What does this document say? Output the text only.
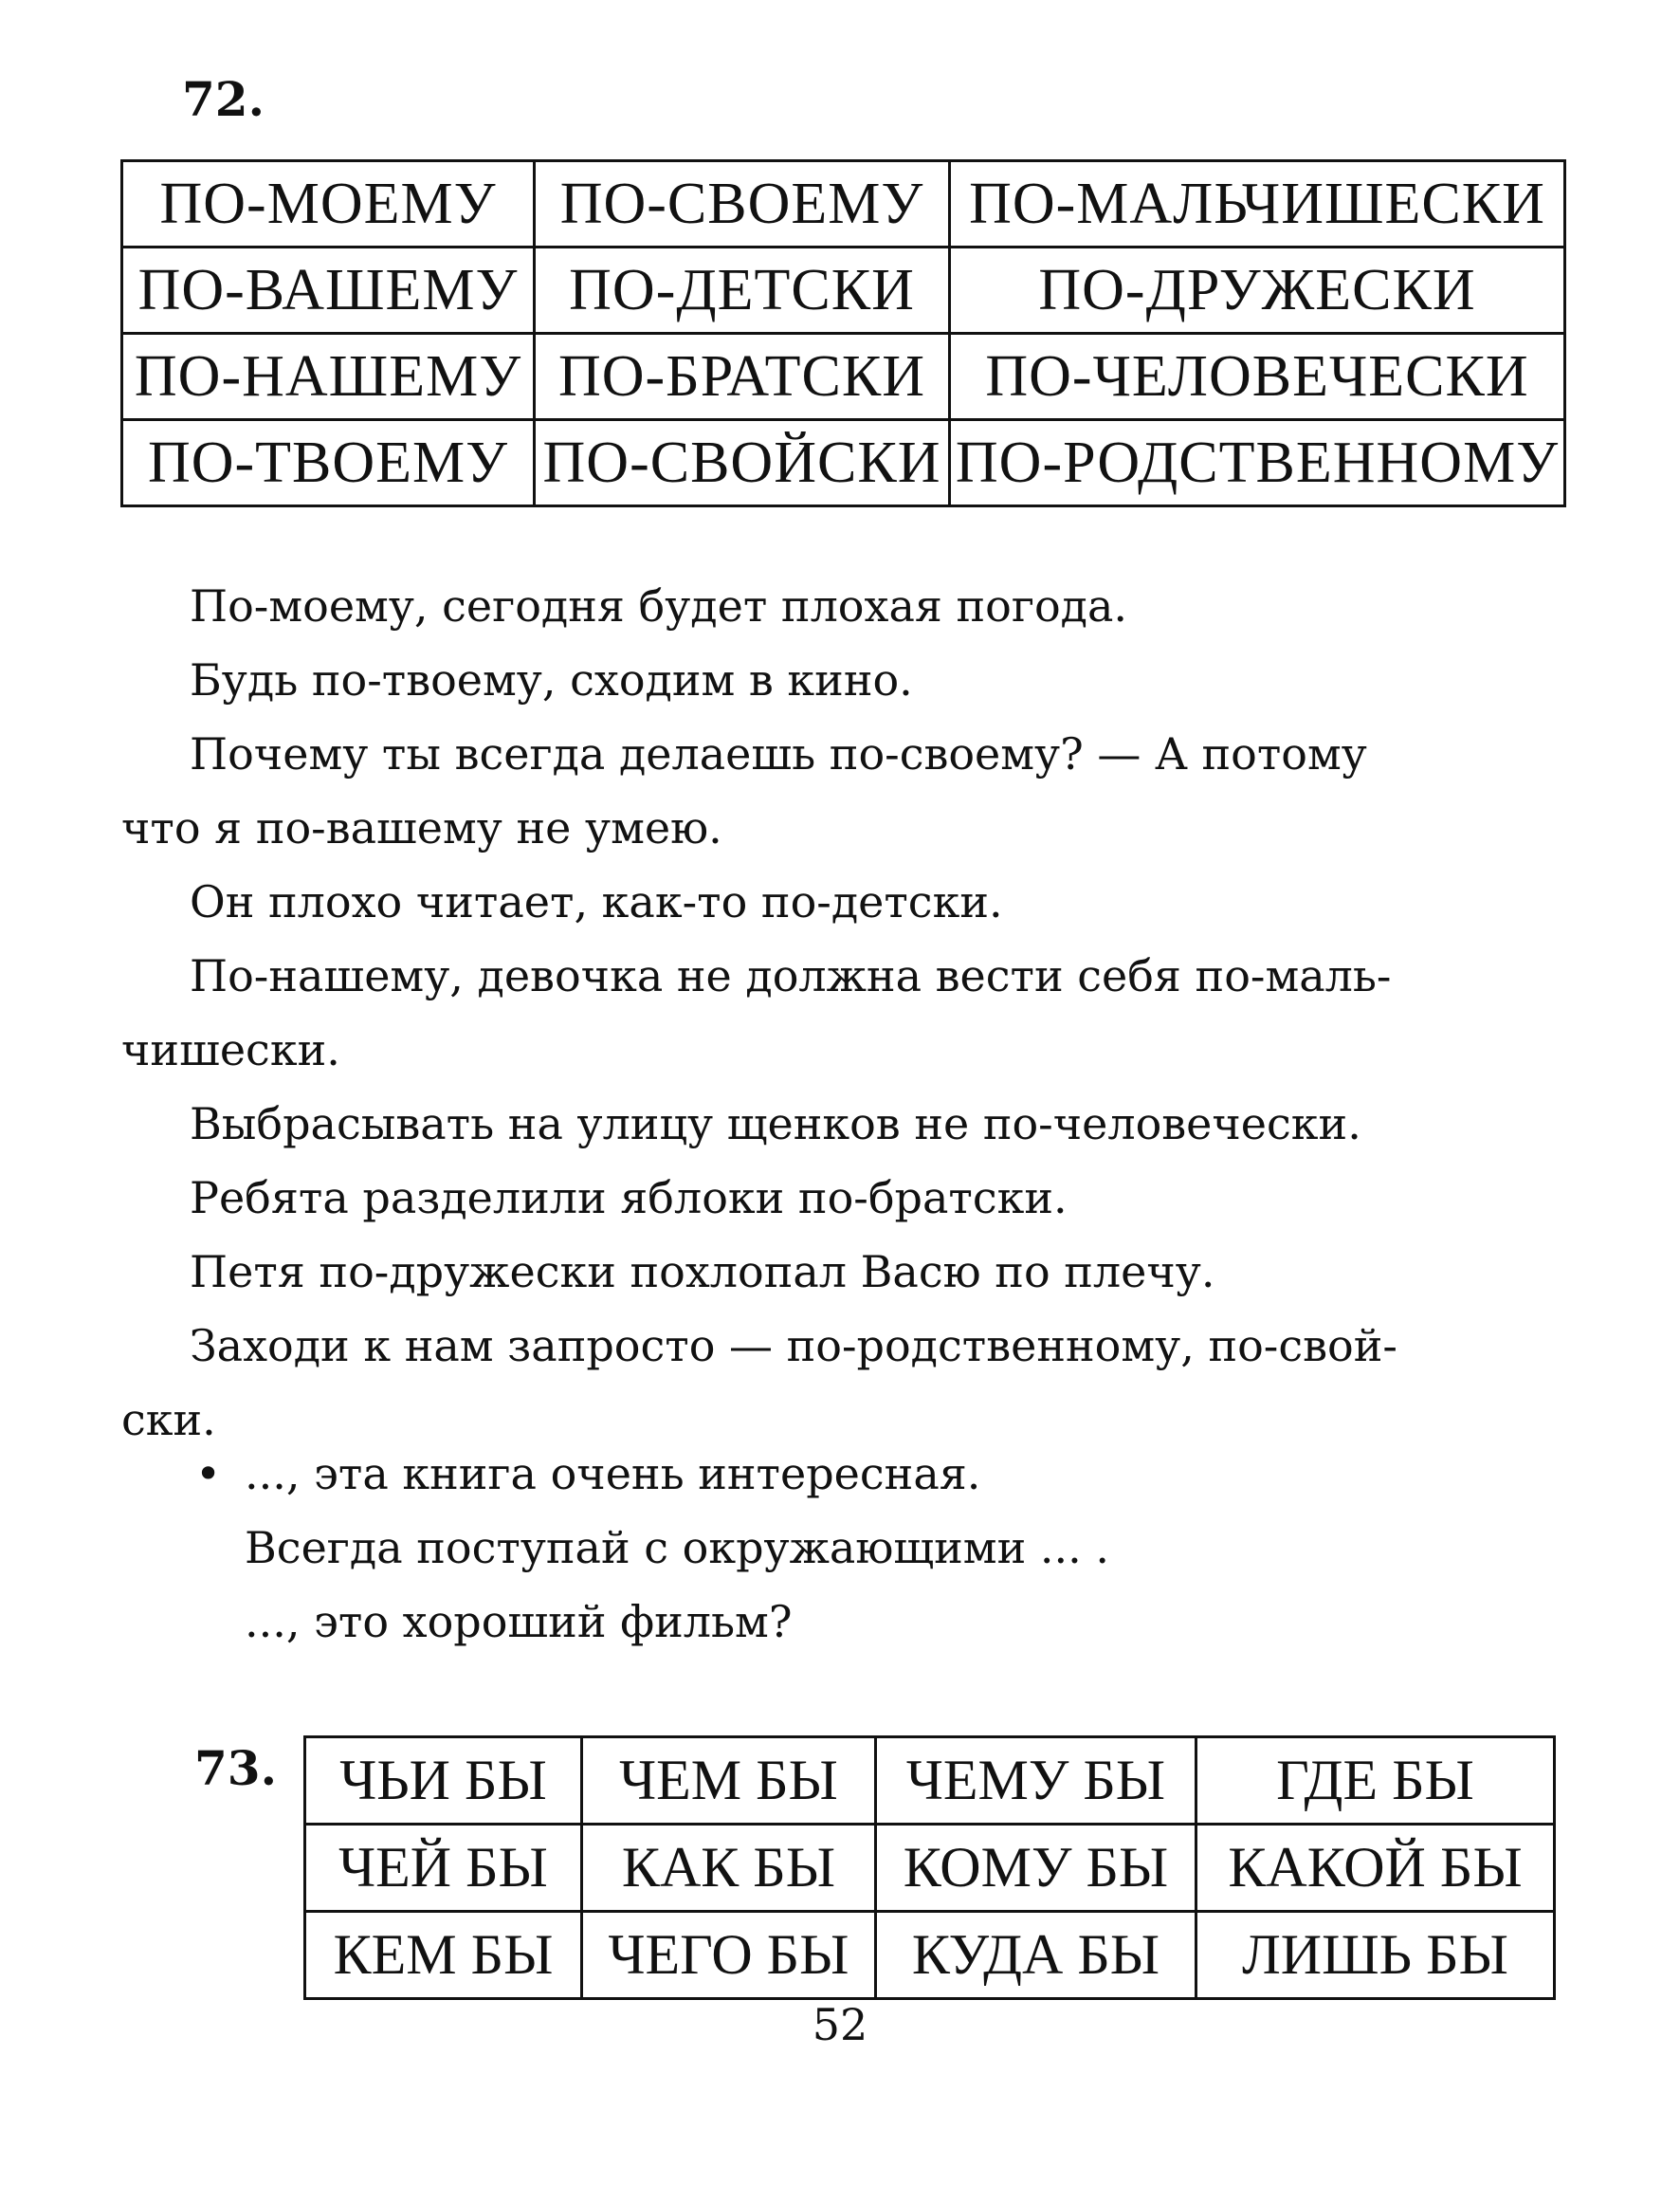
72.
ПО-МОЕМУ	ПО-СВОЕМУ	ПО-МАЛЬЧИШЕСКИ
ПО-ВАШЕМУ	ПО-ДЕТСКИ	ПО-ДРУЖЕСКИ
ПО-НАШЕМУ	ПО-БРАТСКИ	ПО-ЧЕЛОВЕЧЕСКИ
ПО-ТВОЕМУ	ПО-СВОЙСКИ	ПО-РОДСТВЕННОМУ
По-моему, сегодня будет плохая погода.
Будь по-твоему, сходим в кино.
Почему ты всегда делаешь по-своему? — А потому
что я по-вашему не умею.
Он плохо читает, как-то по-детски.
По-нашему, девочка не должна вести себя по-маль-
чишески.
Выбрасывать на улицу щенков не по-человечески.
Ребята разделили яблоки по-братски.
Петя по-дружески похлопал Васю по плечу.
Заходи к нам запросто — по-родственному, по-свой-
ски.
• ..., эта книга очень интересная.
Всегда поступай с окружающими ... .
..., это хороший фильм?
73. ЧЬИ БЫ	ЧЕМ БЫ	ЧЕМУ БЫ	ГДЕ БЫ
ЧЕЙ БЫ	КАК БЫ	КОМУ БЫ	КАКОЙ БЫ
КЕМ БЫ	ЧЕГО БЫ	КУДА БЫ	ЛИШЬ БЫ
52
